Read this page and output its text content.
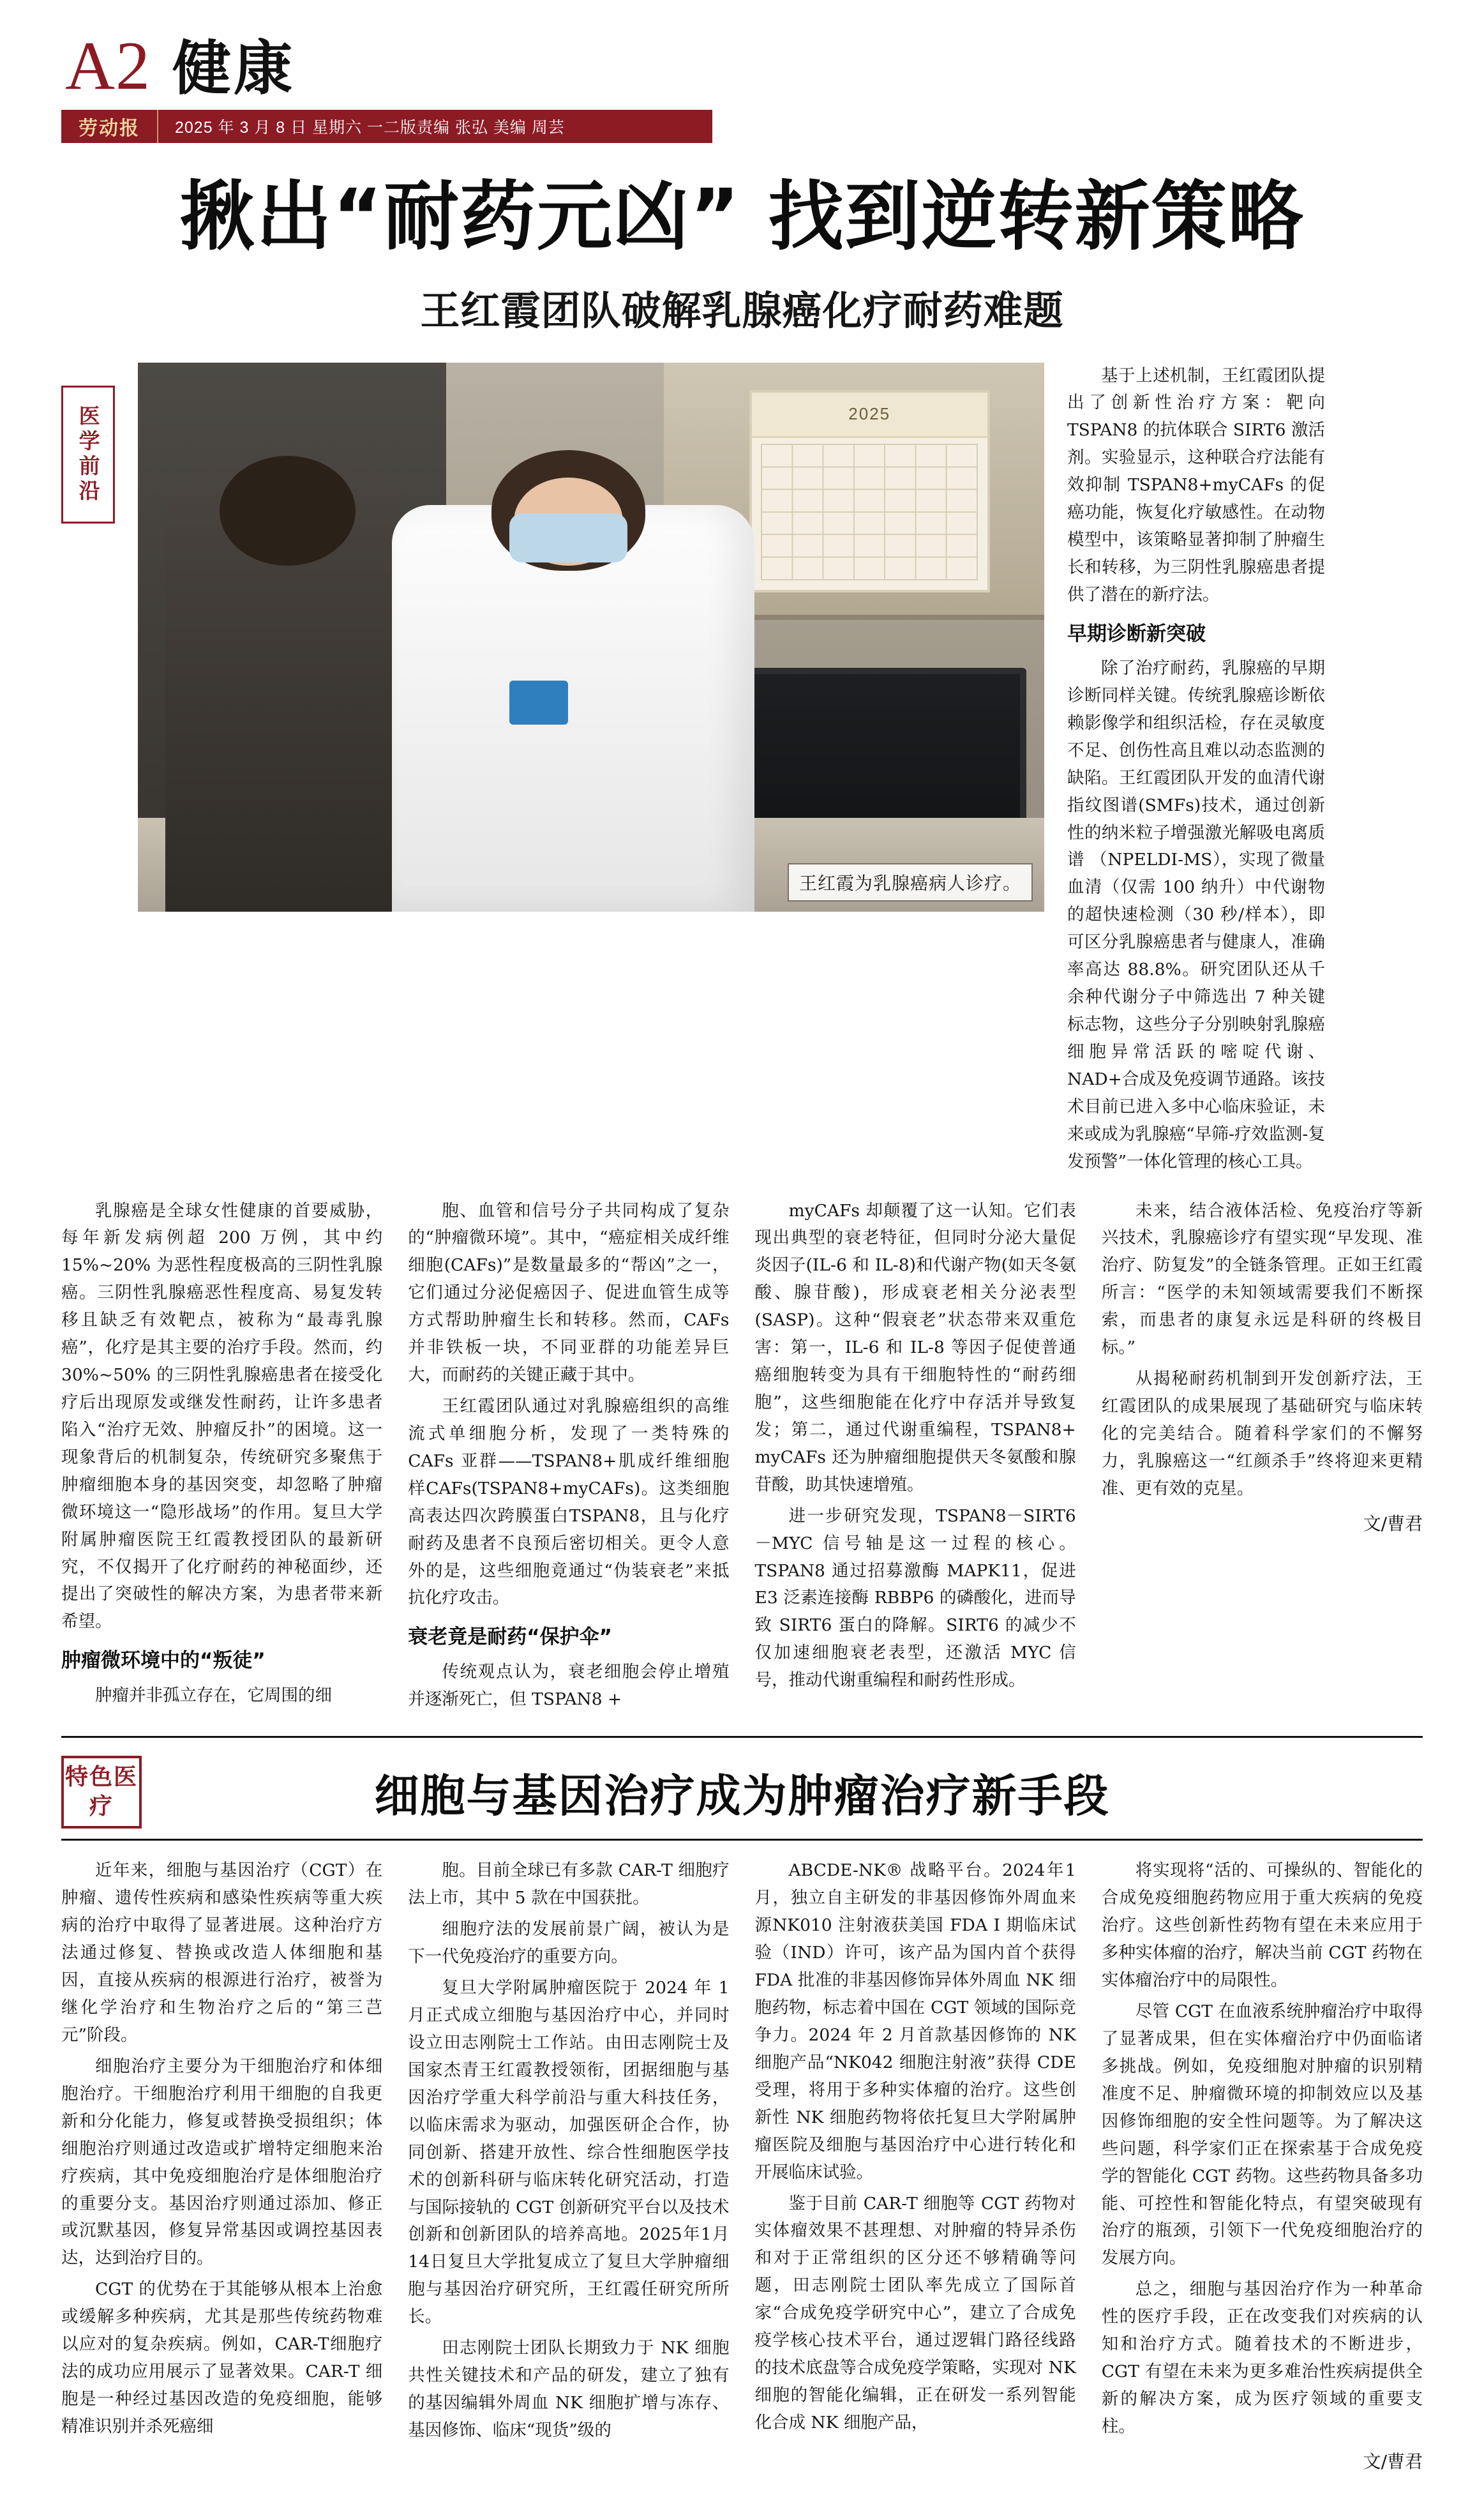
A2 健康
劳动报	2025 年 3 月 8 日 星期六 一二版责编 张弘 美编 周芸
揪出“耐药元凶” 找到逆转新策略
王红霞团队破解乳腺癌化疗耐药难题
医学前沿	2025
王红霞为乳腺癌病人诊疗。

基于上述机制，王红霞团队提出了创新性治疗方案：靶向 TSPAN8 的抗体联合 SIRT6 激活剂。实验显示，这种联合疗法能有效抑制 TSPAN8+myCAFs 的促癌功能，恢复化疗敏感性。在动物模型中，该策略显著抑制了肿瘤生长和转移，为三阴性乳腺癌患者提供了潜在的新疗法。

早期诊断新突破

除了治疗耐药，乳腺癌的早期诊断同样关键。传统乳腺癌诊断依赖影像学和组织活检，存在灵敏度不足、创伤性高且难以动态监测的缺陷。王红霞团队开发的血清代谢指纹图谱(SMFs)技术，通过创新性的纳米粒子增强激光解吸电离质谱 （NPELDI-MS），实现了微量血清（仅需 100 纳升）中代谢物的超快速检测（30 秒/样本），即可区分乳腺癌患者与健康人，准确率高达 88.8%。研究团队还从千余种代谢分子中筛选出 7 种关键标志物，这些分子分别映射乳腺癌细胞异常活跃的嘧啶代谢、NAD+合成及免疫调节通路。该技术目前已进入多中心临床验证，未来或成为乳腺癌“早筛-疗效监测-复发预警”一体化管理的核心工具。

乳腺癌是全球女性健康的首要威胁，每年新发病例超 200 万例，其中约 15%~20% 为恶性程度极高的三阴性乳腺癌。三阴性乳腺癌恶性程度高、易复发转移且缺乏有效靶点，被称为“最毒乳腺癌”，化疗是其主要的治疗手段。然而，约 30%~50% 的三阴性乳腺癌患者在接受化疗后出现原发或继发性耐药，让许多患者陷入“治疗无效、肿瘤反扑”的困境。这一现象背后的机制复杂，传统研究多聚焦于肿瘤细胞本身的基因突变，却忽略了肿瘤微环境这一“隐形战场”的作用。复旦大学附属肿瘤医院王红霞教授团队的最新研究，不仅揭开了化疗耐药的神秘面纱，还提出了突破性的解决方案，为患者带来新希望。

肿瘤微环境中的“叛徒”

肿瘤并非孤立存在，它周围的细

胞、血管和信号分子共同构成了复杂的“肿瘤微环境”。其中，“癌症相关成纤维细胞(CAFs)”是数量最多的“帮凶”之一，它们通过分泌促癌因子、促进血管生成等方式帮助肿瘤生长和转移。然而，CAFs 并非铁板一块，不同亚群的功能差异巨大，而耐药的关键正藏于其中。

王红霞团队通过对乳腺癌组织的高维流式单细胞分析，发现了一类特殊的 CAFs 亚群——TSPAN8+肌成纤维细胞样CAFs(TSPAN8+myCAFs)。这类细胞高表达四次跨膜蛋白TSPAN8，且与化疗耐药及患者不良预后密切相关。更令人意外的是，这些细胞竟通过“伪装衰老”来抵抗化疗攻击。

衰老竟是耐药“保护伞”

传统观点认为，衰老细胞会停止增殖并逐渐死亡，但 TSPAN8 +

myCAFs 却颠覆了这一认知。它们表现出典型的衰老特征，但同时分泌大量促炎因子(IL-6 和 IL-8)和代谢产物(如天冬氨酸、腺苷酸)，形成衰老相关分泌表型(SASP)。这种“假衰老”状态带来双重危害：第一，IL-6 和 IL-8 等因子促使普通癌细胞转变为具有干细胞特性的“耐药细胞”，这些细胞能在化疗中存活并导致复发；第二，通过代谢重编程，TSPAN8+ myCAFs 还为肿瘤细胞提供天冬氨酸和腺苷酸，助其快速增殖。

进一步研究发现，TSPAN8－SIRT6－MYC 信号轴是这一过程的核心。TSPAN8 通过招募激酶 MAPK11，促进 E3 泛素连接酶 RBBP6 的磷酸化，进而导致 SIRT6 蛋白的降解。SIRT6 的减少不仅加速细胞衰老表型，还激活 MYC 信号，推动代谢重编程和耐药性形成。

未来，结合液体活检、免疫治疗等新兴技术，乳腺癌诊疗有望实现“早发现、准治疗、防复发”的全链条管理。正如王红霞所言：“医学的未知领域需要我们不断探索，而患者的康复永远是科研的终极目标。”

从揭秘耐药机制到开发创新疗法，王红霞团队的成果展现了基础研究与临床转化的完美结合。随着科学家们的不懈努力，乳腺癌这一“红颜杀手”终将迎来更精准、更有效的克星。

文/曹君
特色医疗	细胞与基因治疗成为肿瘤治疗新手段

近年来，细胞与基因治疗（CGT）在肿瘤、遗传性疾病和感染性疾病等重大疾病的治疗中取得了显著进展。这种治疗方法通过修复、替换或改造人体细胞和基因，直接从疾病的根源进行治疗，被誉为继化学治疗和生物治疗之后的“第三芑元”阶段。

细胞治疗主要分为干细胞治疗和体细胞治疗。干细胞治疗利用干细胞的自我更新和分化能力，修复或替换受损组织；体细胞治疗则通过改造或扩增特定细胞来治疗疾病，其中免疫细胞治疗是体细胞治疗的重要分支。基因治疗则通过添加、修正或沉默基因，修复异常基因或调控基因表达，达到治疗目的。

CGT 的优势在于其能够从根本上治愈或缓解多种疾病，尤其是那些传统药物难以应对的复杂疾病。例如，CAR-T细胞疗法的成功应用展示了显著效果。CAR-T 细胞是一种经过基因改造的免疫细胞，能够精准识别并杀死癌细

胞。目前全球已有多款 CAR-T 细胞疗法上市，其中 5 款在中国获批。

细胞疗法的发展前景广阔，被认为是下一代免疫治疗的重要方向。

复旦大学附属肿瘤医院于 2024 年 1 月正式成立细胞与基因治疗中心，并同时设立田志刚院士工作站。由田志刚院士及国家杰青王红霞教授领衔，团据细胞与基因治疗学重大科学前沿与重大科技任务，以临床需求为驱动，加强医研企合作，协同创新、搭建开放性、综合性细胞医学技术的创新科研与临床转化研究活动，打造与国际接轨的 CGT 创新研究平台以及技术创新和创新团队的培养高地。2025年1月14日复旦大学批复成立了复旦大学肿瘤细胞与基因治疗研究所，王红霞任研究所所长。

田志刚院士团队长期致力于 NK 细胞共性关键技术和产品的研发，建立了独有的基因编辑外周血 NK 细胞扩增与冻存、基因修饰、临床“现货”级的

ABCDE-NK® 战略平台。2024年1月，独立自主研发的非基因修饰外周血来源NK010 注射液获美国 FDA I 期临床试验（IND）许可，该产品为国内首个获得FDA 批准的非基因修饰异体外周血 NK 细胞药物，标志着中国在 CGT 领域的国际竞争力。2024 年 2 月首款基因修饰的 NK 细胞产品“NK042 细胞注射液”获得 CDE 受理，将用于多种实体瘤的治疗。这些创新性 NK 细胞药物将依托复旦大学附属肿瘤医院及细胞与基因治疗中心进行转化和开展临床试验。

鉴于目前 CAR-T 细胞等 CGT 药物对实体瘤效果不甚理想、对肿瘤的特异杀伤和对于正常组织的区分还不够精确等问题，田志刚院士团队率先成立了国际首家“合成免疫学研究中心”，建立了合成免疫学核心技术平台，通过逻辑门路径线路的技术底盘等合成免疫学策略，实现对 NK 细胞的智能化编辑，正在研发一系列智能化合成 NK 细胞产品，

将实现将“活的、可操纵的、智能化的合成免疫细胞药物应用于重大疾病的免疫治疗。这些创新性药物有望在未来应用于多种实体瘤的治疗，解决当前 CGT 药物在实体瘤治疗中的局限性。

尽管 CGT 在血液系统肿瘤治疗中取得了显著成果，但在实体瘤治疗中仍面临诸多挑战。例如，免疫细胞对肿瘤的识别精准度不足、肿瘤微环境的抑制效应以及基因修饰细胞的安全性问题等。为了解决这些问题，科学家们正在探索基于合成免疫学的智能化 CGT 药物。这些药物具备多功能、可控性和智能化特点，有望突破现有治疗的瓶颈，引领下一代免疫细胞治疗的发展方向。

总之，细胞与基因治疗作为一种革命性的医疗手段，正在改变我们对疾病的认知和治疗方式。随着技术的不断进步，CGT 有望在未来为更多难治性疾病提供全新的解决方案，成为医疗领域的重要支柱。

文/曹君
